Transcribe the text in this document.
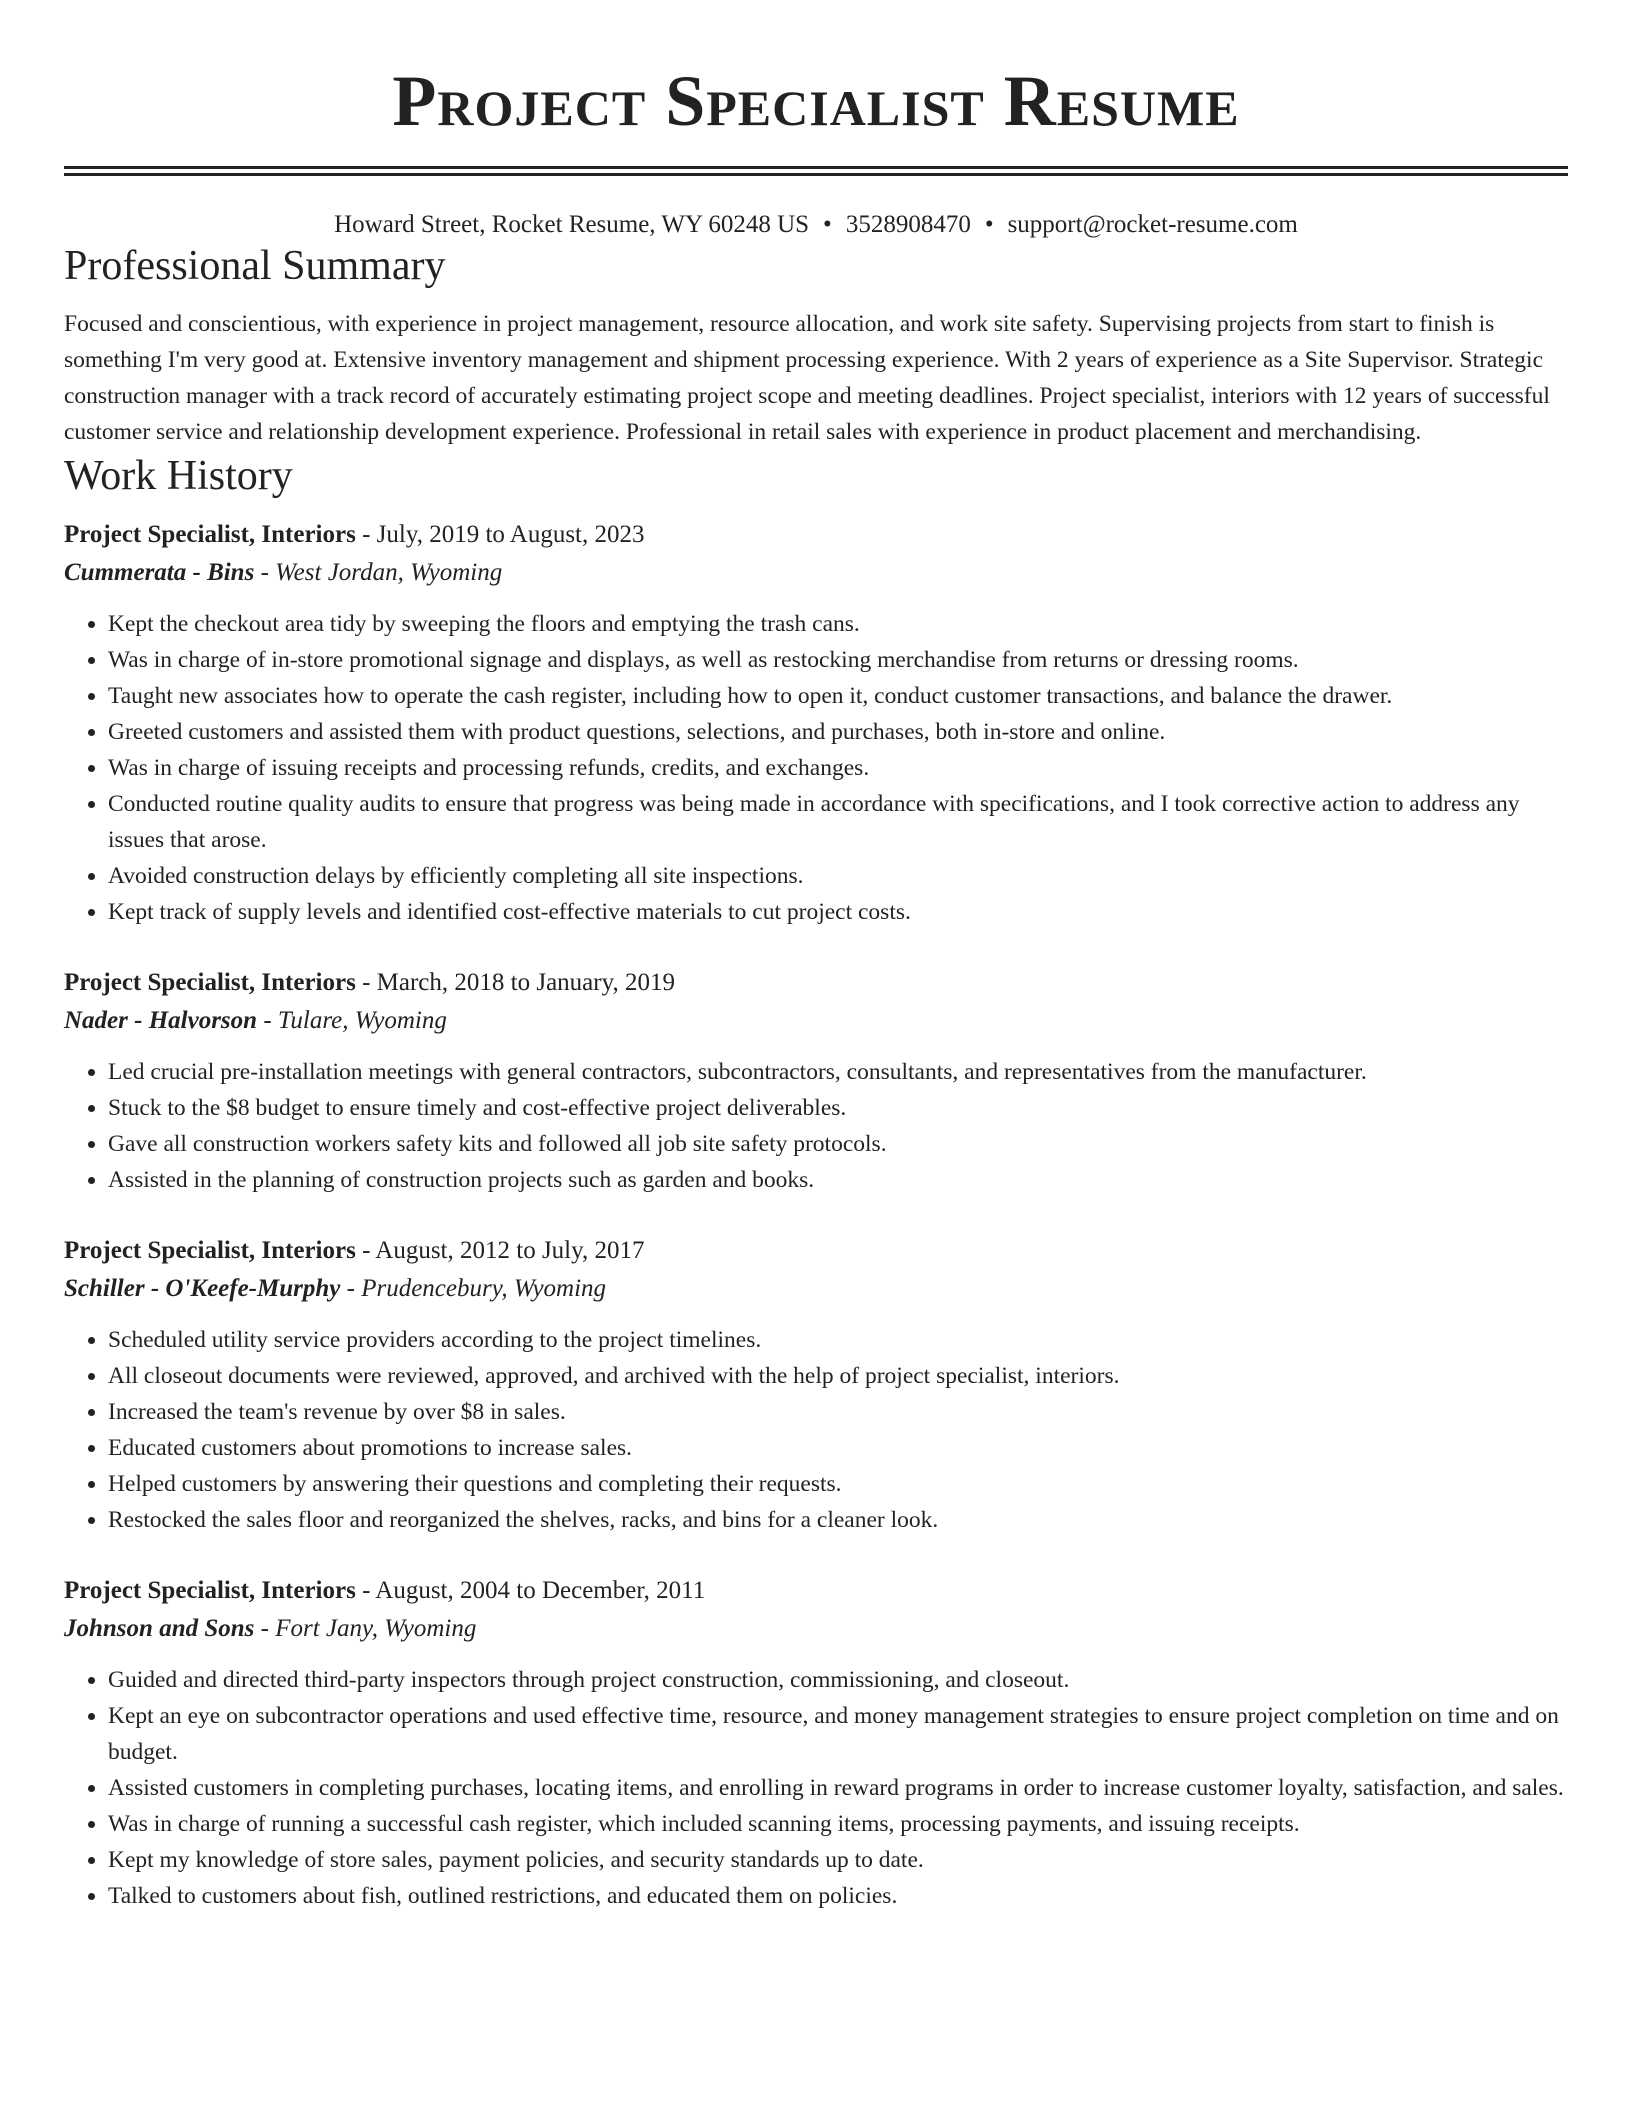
Project Specialist Resume
Howard Street, Rocket Resume, WY 60248 US • 3528908470 • support@rocket-resume.com
Professional Summary
Focused and conscientious, with experience in project management, resource allocation, and work site safety. Supervising projects from start to finish is something I'm very good at. Extensive inventory management and shipment processing experience. With 2 years of experience as a Site Supervisor. Strategic construction manager with a track record of accurately estimating project scope and meeting deadlines. Project specialist, interiors with 12 years of successful customer service and relationship development experience. Professional in retail sales with experience in product placement and merchandising.
Work History
Project Specialist, Interiors - July, 2019 to August, 2023
Cummerata - Bins - West Jordan, Wyoming
• Kept the checkout area tidy by sweeping the floors and emptying the trash cans.
• Was in charge of in-store promotional signage and displays, as well as restocking merchandise from returns or dressing rooms.
• Taught new associates how to operate the cash register, including how to open it, conduct customer transactions, and balance the drawer.
• Greeted customers and assisted them with product questions, selections, and purchases, both in-store and online.
• Was in charge of issuing receipts and processing refunds, credits, and exchanges.
• Conducted routine quality audits to ensure that progress was being made in accordance with specifications, and I took corrective action to address any issues that arose.
• Avoided construction delays by efficiently completing all site inspections.
• Kept track of supply levels and identified cost-effective materials to cut project costs.
Project Specialist, Interiors - March, 2018 to January, 2019
Nader - Halvorson - Tulare, Wyoming
• Led crucial pre-installation meetings with general contractors, subcontractors, consultants, and representatives from the manufacturer.
• Stuck to the $8 budget to ensure timely and cost-effective project deliverables.
• Gave all construction workers safety kits and followed all job site safety protocols.
• Assisted in the planning of construction projects such as garden and books.
Project Specialist, Interiors - August, 2012 to July, 2017
Schiller - O'Keefe-Murphy - Prudencebury, Wyoming
• Scheduled utility service providers according to the project timelines.
• All closeout documents were reviewed, approved, and archived with the help of project specialist, interiors.
• Increased the team's revenue by over $8 in sales.
• Educated customers about promotions to increase sales.
• Helped customers by answering their questions and completing their requests.
• Restocked the sales floor and reorganized the shelves, racks, and bins for a cleaner look.
Project Specialist, Interiors - August, 2004 to December, 2011
Johnson and Sons - Fort Jany, Wyoming
• Guided and directed third-party inspectors through project construction, commissioning, and closeout.
• Kept an eye on subcontractor operations and used effective time, resource, and money management strategies to ensure project completion on time and on budget.
• Assisted customers in completing purchases, locating items, and enrolling in reward programs in order to increase customer loyalty, satisfaction, and sales.
• Was in charge of running a successful cash register, which included scanning items, processing payments, and issuing receipts.
• Kept my knowledge of store sales, payment policies, and security standards up to date.
• Talked to customers about fish, outlined restrictions, and educated them on policies.
